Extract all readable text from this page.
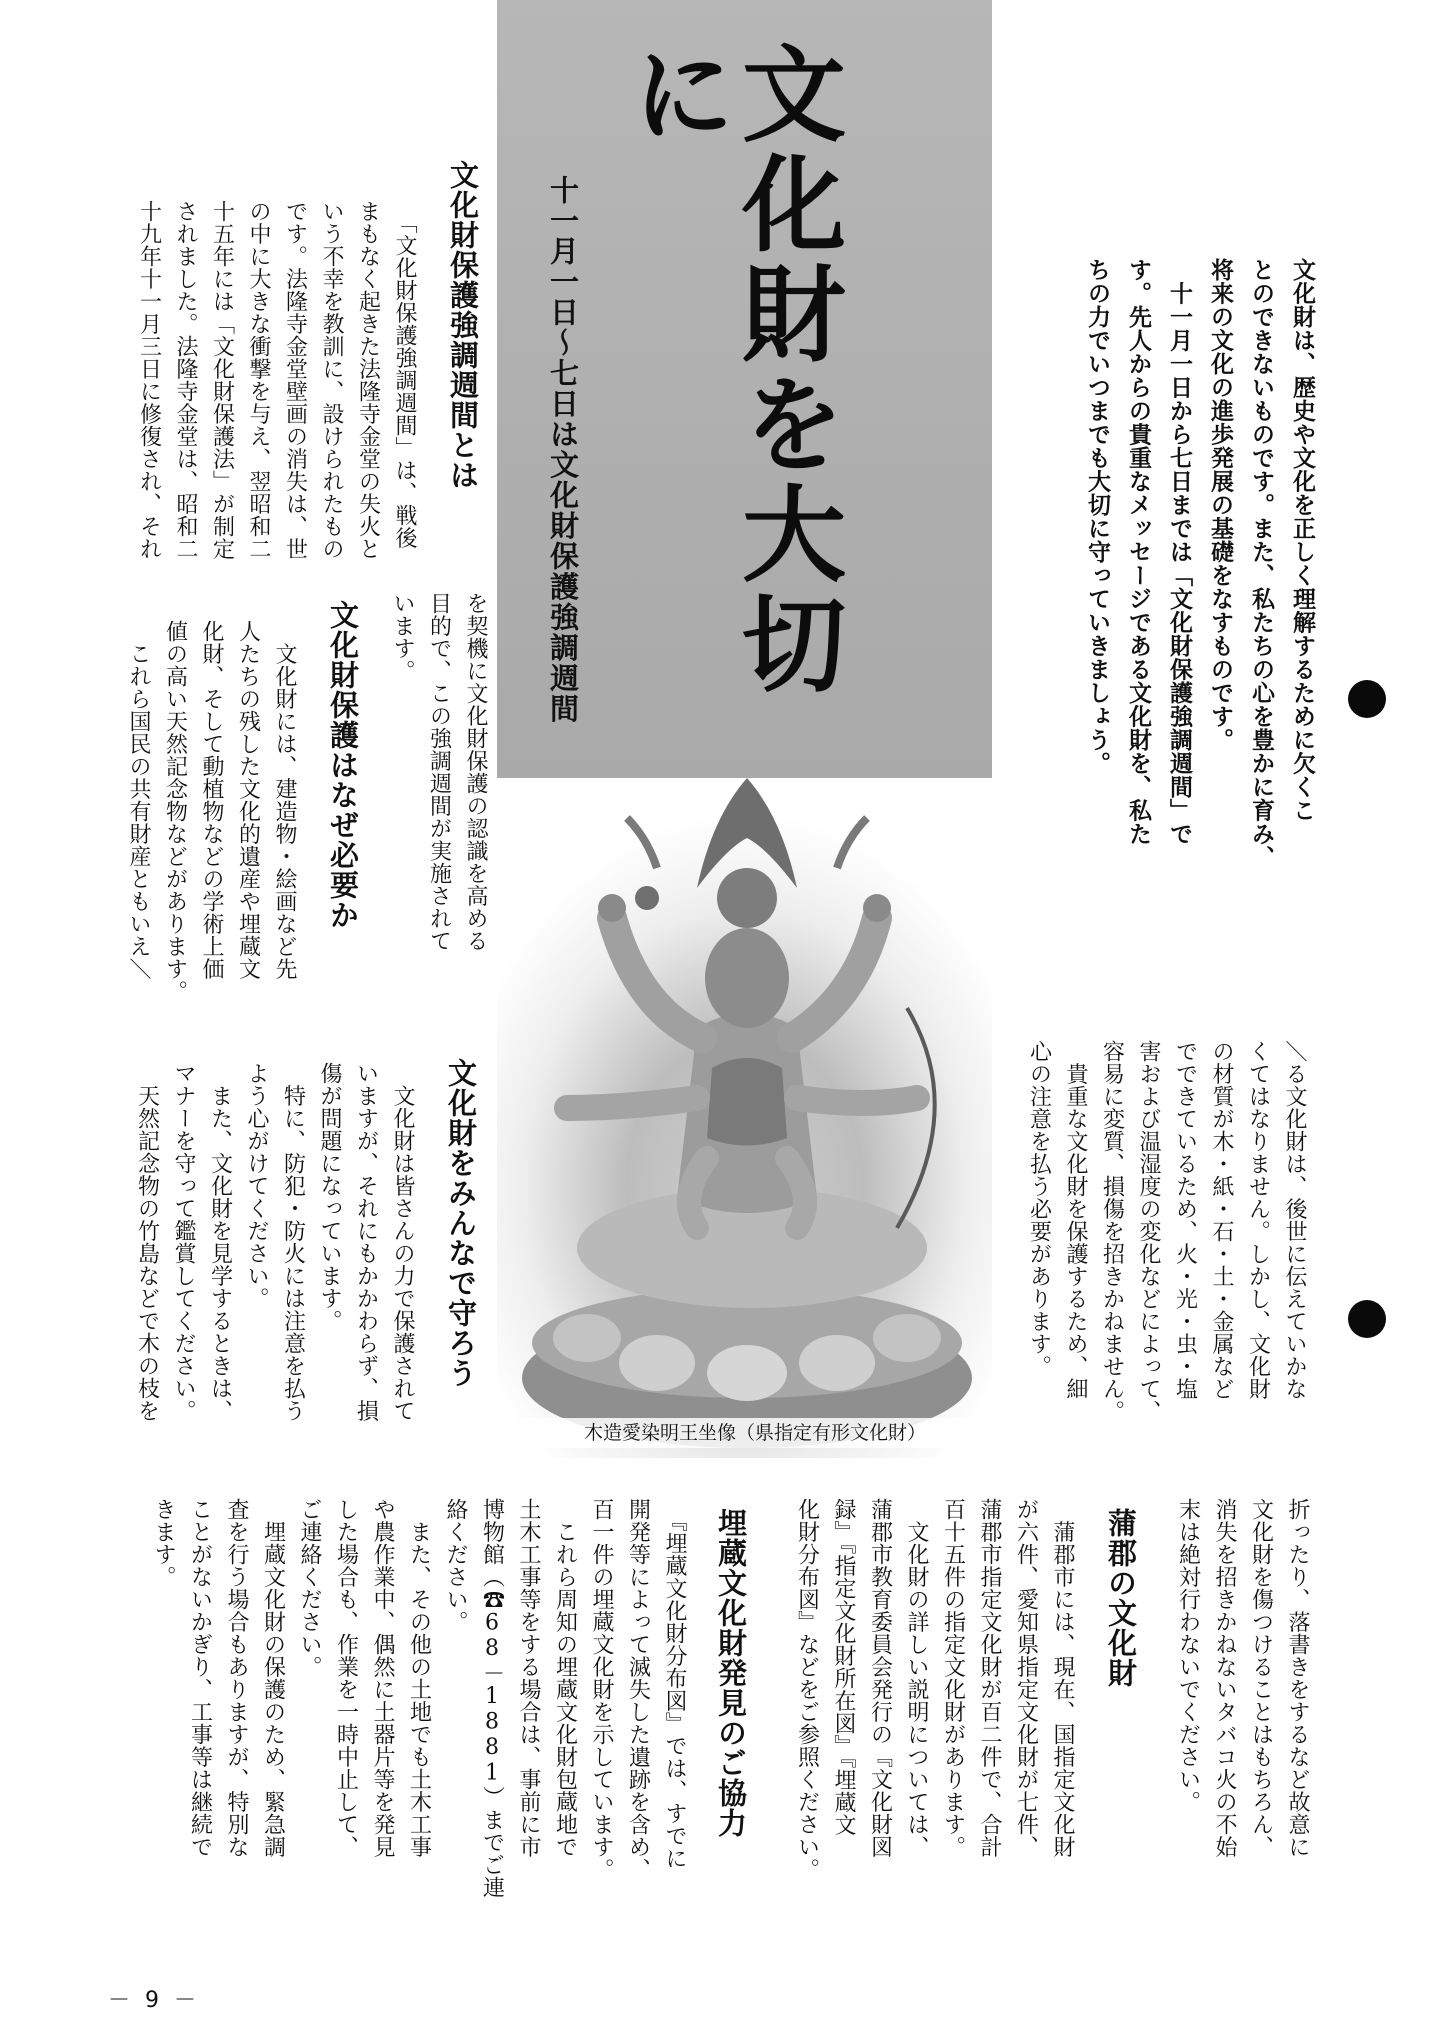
文化財を大切に
十一月一日～七日は文化財保護強調週間
木造愛染明王坐像（県指定有形文化財）
文化財は、歴史や文化を正しく理解するために欠くこ
とのできないものです。また、私たちの心を豊かに育み、
将来の文化の進歩発展の基礎をなすものです。
　十一月一日から七日までは「文化財保護強調週間」で
す。先人からの貴重なメッセージである文化財を、私た
ちの力でいつまでも大切に守っていきましょう。
文化財保護強調週間とは
　「文化財保護強調週間」は、戦後
まもなく起きた法隆寺金堂の失火と
いう不幸を教訓に、設けられたもの
です。法隆寺金堂壁画の消失は、世
の中に大きな衝撃を与え、翌昭和二
十五年には「文化財保護法」が制定
されました。法隆寺金堂は、昭和二
十九年十一月三日に修復され、それ
を契機に文化財保護の認識を高める
目的で、この強調週間が実施されて
います。
文化財保護はなぜ必要か
　文化財には、建造物・絵画など先
人たちの残した文化的遺産や埋蔵文
化財、そして動植物などの学術上価
値の高い天然記念物などがあります。
　これら国民の共有財産ともいえ＼
＼る文化財は、後世に伝えていかな
くてはなりません。しかし、文化財
の材質が木・紙・石・土・金属など
でできているため、火・光・虫・塩
害および温湿度の変化などによって、
容易に変質、損傷を招きかねません。
　貴重な文化財を保護するため、細
心の注意を払う必要があります。
文化財をみんなで守ろう
　文化財は皆さんの力で保護されて
いますが、それにもかかわらず、損
傷が問題になっています。
　特に、防犯・防火には注意を払う
よう心がけてください。
　また、文化財を見学するときは、
マナーを守って鑑賞してください。
　天然記念物の竹島などで木の枝を
折ったり、落書きをするなど故意に
文化財を傷つけることはもちろん、
消失を招きかねないタバコ火の不始
末は絶対行わないでください。
蒲郡の文化財
　蒲郡市には、現在、国指定文化財
が六件、愛知県指定文化財が七件、
蒲郡市指定文化財が百二件で、合計
百十五件の指定文化財があります。
　文化財の詳しい説明については、
蒲郡市教育委員会発行の『文化財図
録』『指定文化財所在図』『埋蔵文
化財分布図』などをご参照ください。
埋蔵文化財発見のご協力
　『埋蔵文化財分布図』では、すでに
開発等によって滅失した遺跡を含め、
百一件の埋蔵文化財を示しています。
　これら周知の埋蔵文化財包蔵地で
土木工事等をする場合は、事前に市
博物館（☎68－1881）までご連
絡ください。
　また、その他の土地でも土木工事
や農作業中、偶然に土器片等を発見
した場合も、作業を一時中止して、
ご連絡ください。
　埋蔵文化財の保護のため、緊急調
査を行う場合もありますが、特別な
ことがないかぎり、工事等は継続で
きます。
－ 9 －
